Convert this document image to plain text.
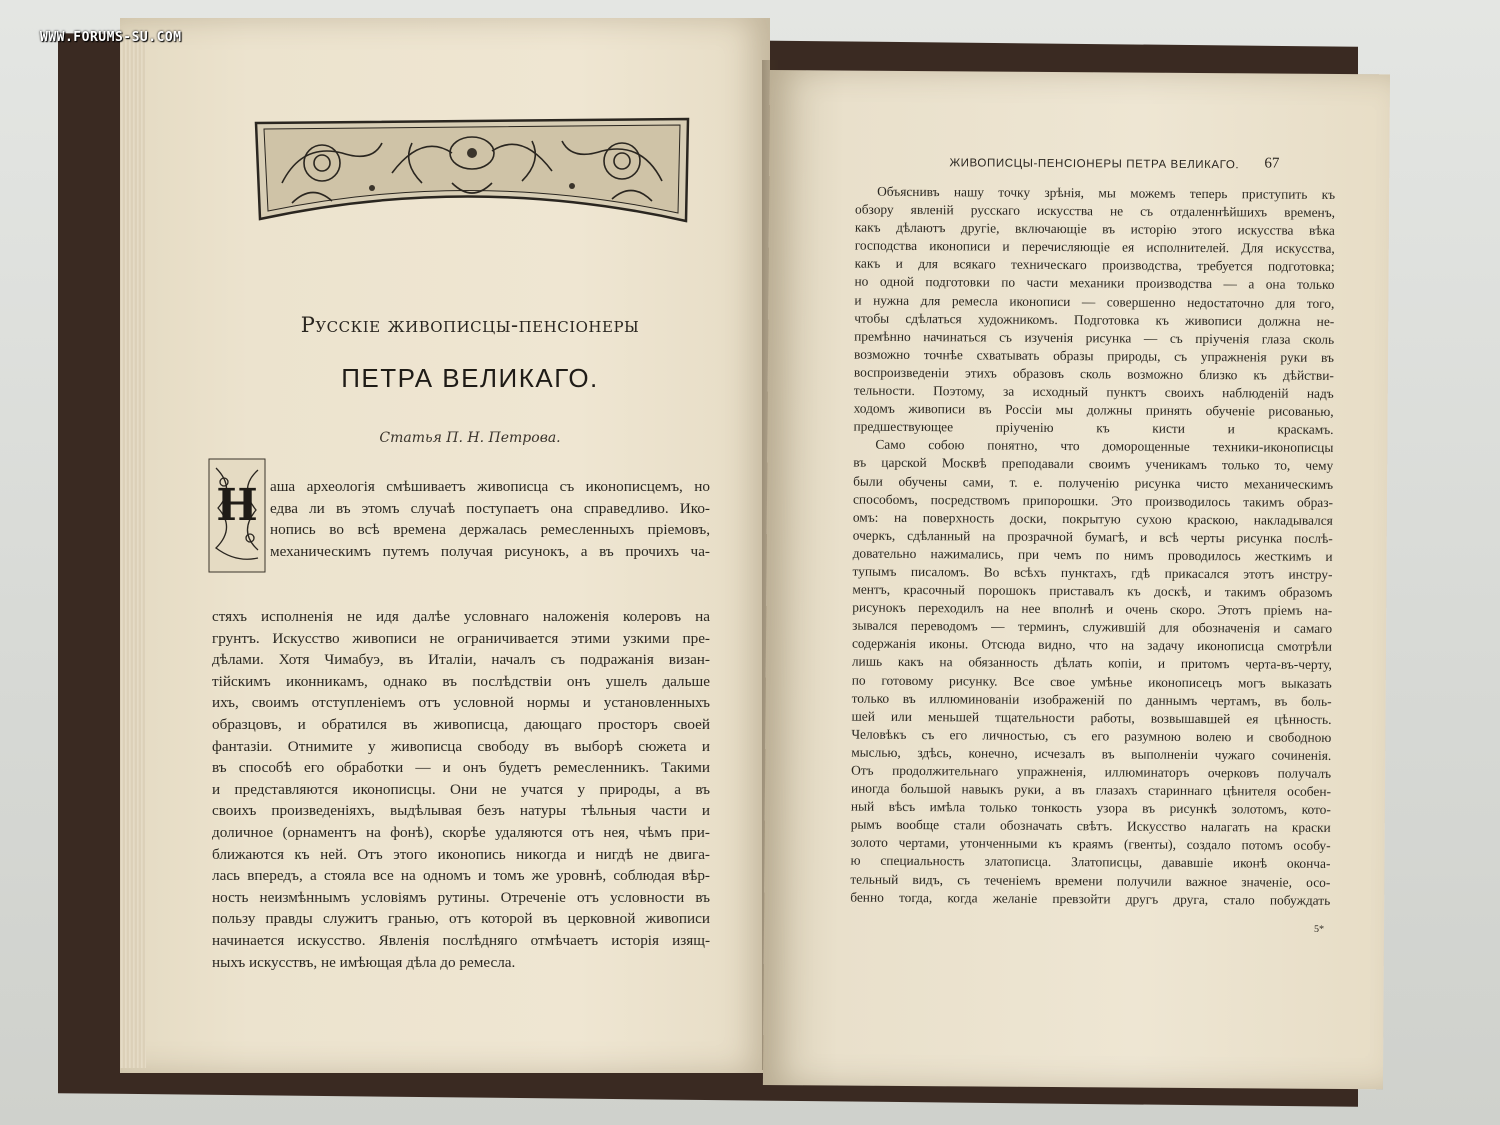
WWW.FORUMS-SU.COM
Русскіе живописцы-пенсіонеры
ПЕТРА ВЕЛИКАГО.
Статья П. Н. Петрова.
Н аша археологія смѣшиваетъ живописца съ иконописцемъ, но
едва ли въ этомъ случаѣ поступаетъ она справедливо. Ико-
нопись во всѣ времена держалась ремесленныхъ пріемовъ,
механическимъ путемъ получая рисунокъ, а въ прочихъ ча-
стяхъ исполненія не идя далѣе условнаго наложенія колеровъ на
грунтъ. Искусство живописи не ограничивается этими узкими пре-
дѣлами. Хотя Чимабуэ, въ Италіи, началъ съ подражанія визан-
тійскимъ иконникамъ, однако въ послѣдствіи онъ ушелъ дальше
ихъ, своимъ отступленіемъ отъ условной нормы и установленныхъ
образцовъ, и обратился въ живописца, дающаго просторъ своей
фантазіи. Отнимите у живописца свободу въ выборѣ сюжета и
въ способѣ его обработки — и онъ будетъ ремесленникъ. Такими
и представляются иконописцы. Они не учатся у природы, а въ
своихъ произведеніяхъ, выдѣлывая безъ натуры тѣльныя части и
доличное (орнаментъ на фонѣ), скорѣе удаляются отъ нея, чѣмъ при-
ближаются къ ней. Отъ этого иконопись никогда и нигдѣ не двига-
лась впередъ, а стояла все на одномъ и томъ же уровнѣ, соблюдая вѣр-
ность неизмѣннымъ условіямъ рутины. Отреченіе отъ условности въ
пользу правды служитъ гранью, отъ которой въ церковной живописи
начинается искусство. Явленія послѣдняго отмѣчаетъ исторія изящ-
ныхъ искусствъ, не имѣющая дѣла до ремесла.
ЖИВОПИСЦЫ-ПЕНСІОНЕРЫ ПЕТРА ВЕЛИКАГО.	67
Объяснивъ нашу точку зрѣнія, мы можемъ теперь приступить къ
обзору явленій русскаго искусства не съ отдаленнѣйшихъ временъ,
какъ дѣлаютъ другіе, включающіе въ исторію этого искусства вѣка
господства иконописи и перечисляющіе ея исполнителей. Для искусства,
какъ и для всякаго техническаго производства, требуется подготовка;
но одной подготовки по части механики производства — а она только
и нужна для ремесла иконописи — совершенно недостаточно для того,
чтобы сдѣлаться художникомъ. Подготовка къ живописи должна не-
премѣнно начинаться съ изученія рисунка — съ пріученія глаза сколь
возможно точнѣе схватывать образы природы, съ упражненія руки въ
воспроизведеніи этихъ образовъ сколь возможно близко къ дѣйстви-
тельности. Поэтому, за исходный пунктъ своихъ наблюденій надъ
ходомъ живописи въ Россіи мы должны принять обученіе рисованью,
предшествующее пріученію къ кисти и краскамъ.
Само собою понятно, что доморощенные техники-иконописцы
въ царской Москвѣ преподавали своимъ ученикамъ только то, чему
были обучены сами, т. е. полученію рисунка чисто механическимъ
способомъ, посредствомъ припорошки. Это производилось такимъ образ-
омъ: на поверхность доски, покрытую сухою краскою, накладывался
очеркъ, сдѣланный на прозрачной бумагѣ, и всѣ черты рисунка послѣ-
довательно нажимались, при чемъ по нимъ проводилось жесткимъ и
тупымъ писаломъ. Во всѣхъ пунктахъ, гдѣ прикасался этотъ инстру-
ментъ, красочный порошокъ приставалъ къ доскѣ, и такимъ образомъ
рисунокъ переходилъ на нее вполнѣ и очень скоро. Этотъ пріемъ на-
зывался переводомъ — терминъ, служившій для обозначенія и самаго
содержанія иконы. Отсюда видно, что на задачу иконописца смотрѣли
лишь какъ на обязанность дѣлать копіи, и притомъ черта-въ-черту,
по готовому рисунку. Все свое умѣнье иконописецъ могъ выказать
только въ иллюминованіи изображеній по даннымъ чертамъ, въ боль-
шей или меньшей тщательности работы, возвышавшей ея цѣнность.
Человѣкъ съ его личностью, съ его разумною волею и свободною
мыслью, здѣсь, конечно, исчезалъ въ выполненіи чужаго сочиненія.
Отъ продолжительнаго упражненія, иллюминаторъ очерковъ получалъ
иногда большой навыкъ руки, а въ глазахъ стариннаго цѣнителя особен-
ный вѣсъ имѣла только тонкость узора въ рисункѣ золотомъ, кото-
рымъ вообще стали обозначать свѣтъ. Искусство налагать на краски
золото чертами, утонченными къ краямъ (гвенты), создало потомъ особу-
ю специальность златописца. Златописцы, дававшіе иконѣ оконча-
тельный видъ, съ теченіемъ времени получили важное значеніе, осо-
бенно тогда, когда желаніе превзойти другъ друга, стало побуждать
5*
